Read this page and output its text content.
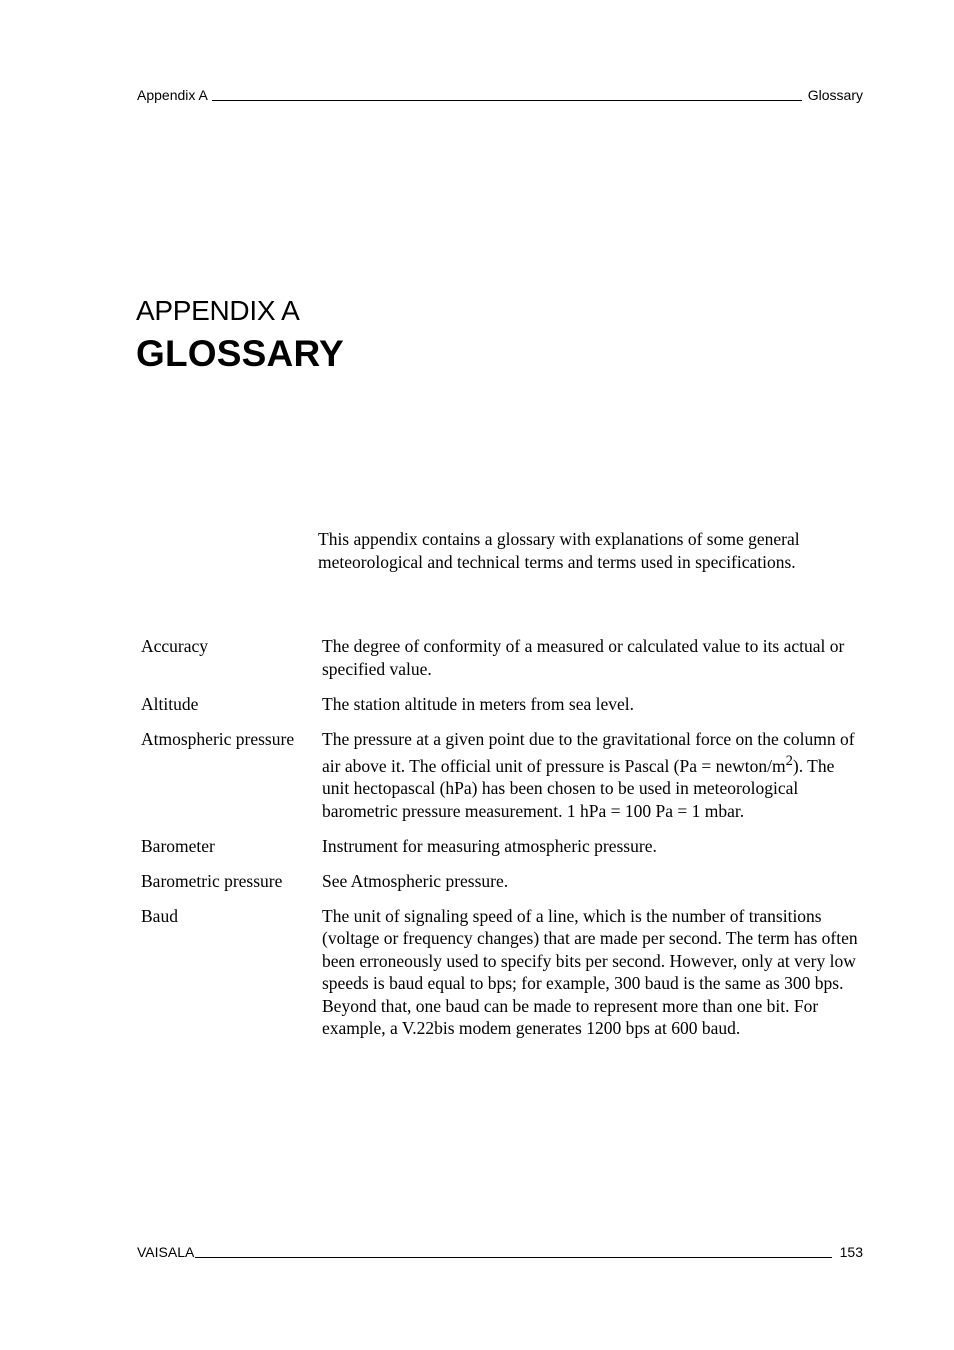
Appendix A	Glossary
APPENDIX A
GLOSSARY

This appendix contains a glossary with explanations of some general meteorological and technical terms and terms used in specifications.

Accuracy	The degree of conformity of a measured or calculated value to its actual or specified value.
Altitude	The station altitude in meters from sea level.
Atmospheric pressure	The pressure at a given point due to the gravitational force on the column of air above it. The official unit of pressure is Pascal (Pa = newton/$m^2$). The unit hectopascal (hPa) has been chosen to be used in meteorological barometric pressure measurement. 1 hPa = 100 Pa = 1 mbar.
Barometer	Instrument for measuring atmospheric pressure.
Barometric pressure	See Atmospheric pressure.
Baud	The unit of signaling speed of a line, which is the number of transitions (voltage or frequency changes) that are made per second. The term has often been erroneously used to specify bits per second. However, only at very low speeds is baud equal to bps; for example, 300 baud is the same as 300 bps. Beyond that, one baud can be made to represent more than one bit. For example, a V.22bis modem generates 1200 bps at 600 baud.
VAISALA	153
